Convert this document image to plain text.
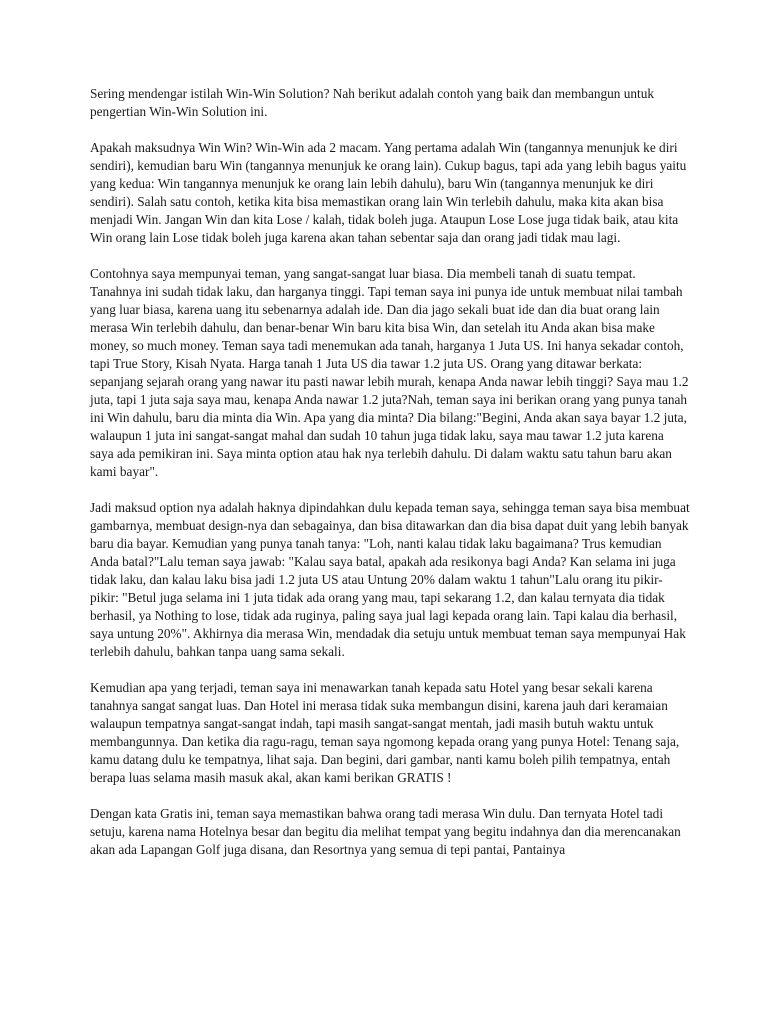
Sering mendengar istilah Win-Win Solution? Nah berikut adalah contoh yang baik dan membangun untuk pengertian Win-Win Solution ini.

Apakah maksudnya Win Win? Win-Win ada 2 macam. Yang pertama adalah Win (tangannya menunjuk ke diri sendiri), kemudian baru Win (tangannya menunjuk ke orang lain). Cukup bagus, tapi ada yang lebih bagus yaitu yang kedua: Win tangannya menunjuk ke orang lain lebih dahulu), baru Win (tangannya menunjuk ke diri sendiri). Salah satu contoh, ketika kita bisa memastikan orang lain Win terlebih dahulu, maka kita akan bisa menjadi Win. Jangan Win dan kita Lose / kalah, tidak boleh juga. Ataupun Lose Lose juga tidak baik, atau kita Win orang lain Lose tidak boleh juga karena akan tahan sebentar saja dan orang jadi tidak mau lagi.

Contohnya saya mempunyai teman, yang sangat-sangat luar biasa. Dia membeli tanah di suatu tempat. Tanahnya ini sudah tidak laku, dan harganya tinggi. Tapi teman saya ini punya ide untuk membuat nilai tambah yang luar biasa, karena uang itu sebenarnya adalah ide. Dan dia jago sekali buat ide dan dia buat orang lain merasa Win terlebih dahulu, dan benar-benar Win baru kita bisa Win, dan setelah itu Anda akan bisa make money, so much money. Teman saya tadi menemukan ada tanah, harganya 1 Juta US. Ini hanya sekadar contoh, tapi True Story, Kisah Nyata. Harga tanah 1 Juta US dia tawar 1.2 juta US. Orang yang ditawar berkata: sepanjang sejarah orang yang nawar itu pasti nawar lebih murah, kenapa Anda nawar lebih tinggi? Saya mau 1.2 juta, tapi 1 juta saja saya mau, kenapa Anda nawar 1.2 juta?Nah, teman saya ini berikan orang yang punya tanah ini Win dahulu, baru dia minta dia Win. Apa yang dia minta? Dia bilang:"Begini, Anda akan saya bayar 1.2 juta, walaupun 1 juta ini sangat-sangat mahal dan sudah 10 tahun juga tidak laku, saya mau tawar 1.2 juta karena saya ada pemikiran ini. Saya minta option atau hak nya terlebih dahulu. Di dalam waktu satu tahun baru akan kami bayar".

Jadi maksud option nya adalah haknya dipindahkan dulu kepada teman saya, sehingga teman saya bisa membuat gambarnya, membuat design-nya dan sebagainya, dan bisa ditawarkan dan dia bisa dapat duit yang lebih banyak baru dia bayar. Kemudian yang punya tanah tanya: "Loh, nanti kalau tidak laku bagaimana? Trus kemudian Anda batal?"Lalu teman saya jawab: "Kalau saya batal, apakah ada resikonya bagi Anda? Kan selama ini juga tidak laku, dan kalau laku bisa jadi 1.2 juta US atau Untung 20% dalam waktu 1 tahun"Lalu orang itu pikir-pikir: "Betul juga selama ini 1 juta tidak ada orang yang mau, tapi sekarang 1.2, dan kalau ternyata dia tidak berhasil, ya Nothing to lose, tidak ada ruginya, paling saya jual lagi kepada orang lain. Tapi kalau dia berhasil, saya untung 20%". Akhirnya dia merasa Win, mendadak dia setuju untuk membuat teman saya mempunyai Hak terlebih dahulu, bahkan tanpa uang sama sekali.

Kemudian apa yang terjadi, teman saya ini menawarkan tanah kepada satu Hotel yang besar sekali karena tanahnya sangat sangat luas. Dan Hotel ini merasa tidak suka membangun disini, karena jauh dari keramaian walaupun tempatnya sangat-sangat indah, tapi masih sangat-sangat mentah, jadi masih butuh waktu untuk membangunnya. Dan ketika dia ragu-ragu, teman saya ngomong kepada orang yang punya Hotel: Tenang saja, kamu datang dulu ke tempatnya, lihat saja. Dan begini, dari gambar, nanti kamu boleh pilih tempatnya, entah berapa luas selama masih masuk akal, akan kami berikan GRATIS !

Dengan kata Gratis ini, teman saya memastikan bahwa orang tadi merasa Win dulu. Dan ternyata Hotel tadi setuju, karena nama Hotelnya besar dan begitu dia melihat tempat yang begitu indahnya dan dia merencanakan akan ada Lapangan Golf juga disana, dan Resortnya yang semua di tepi pantai, Pantainya
